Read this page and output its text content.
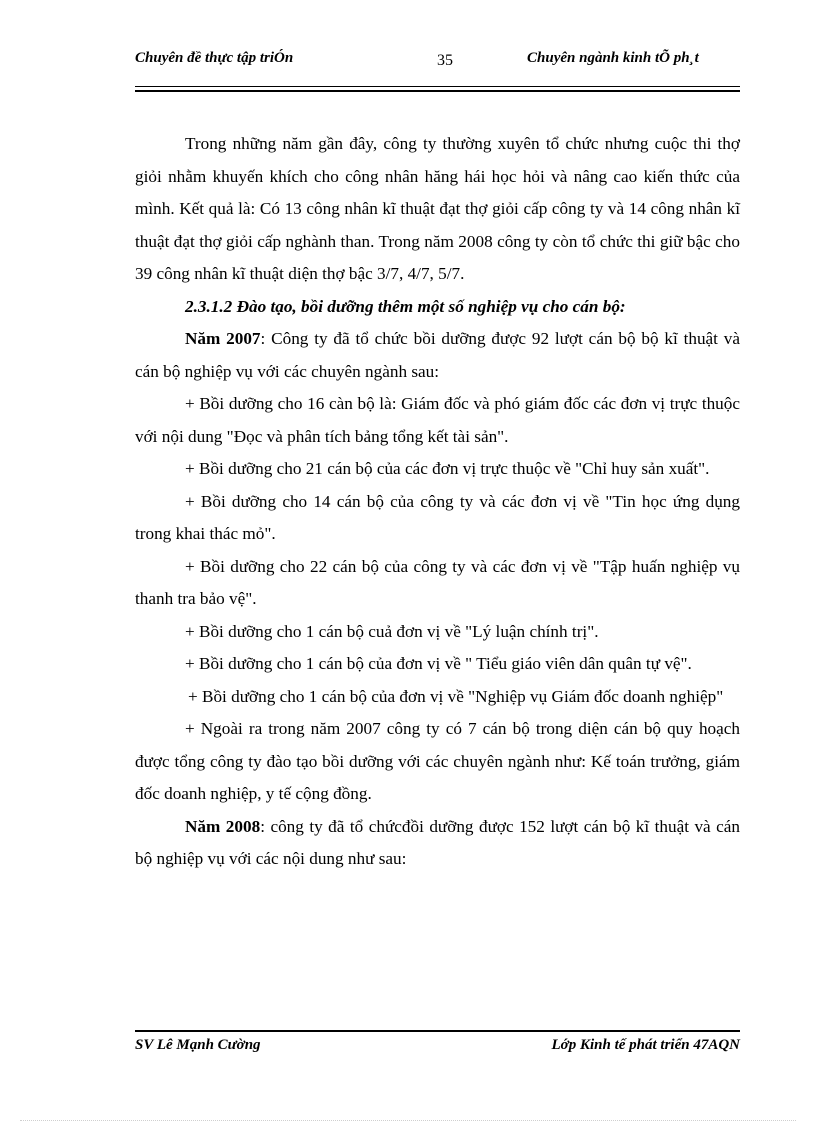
Chuyên đề thực tập triÓn	35	Chuyên ngành kinh tÕ ph¸t

Trong những năm gần đây, công ty thường xuyên tổ chức nhưng cuộc thi thợ giỏi nhằm khuyến khích cho công nhân hăng hái học hỏi và nâng cao kiến thức của mình. Kết quả là: Có 13 công nhân kĩ thuật đạt thợ giỏi cấp công ty và 14 công nhân kĩ thuật đạt thợ giỏi cấp nghành than. Trong năm 2008 công ty còn tổ chức thi giữ bậc cho 39 công nhân kĩ thuật diện thợ bậc 3/7, 4/7, 5/7.

2.3.1.2 Đào tạo, bồi dưỡng thêm một số nghiệp vụ cho cán bộ:

Năm 2007: Công ty đã tổ chức bồi dưỡng được 92 lượt cán bộ bộ kĩ thuật và cán bộ nghiệp vụ với các chuyên ngành sau:

+ Bồi dưỡng cho 16 càn bộ là: Giám đốc và phó giám đốc các đơn vị trực thuộc với nội dung "Đọc và phân tích bảng tổng kết tài sản".

+ Bồi dưỡng cho 21 cán bộ của các đơn vị trực thuộc về "Chỉ huy sản xuất".

+ Bồi dưỡng cho 14 cán bộ của công ty và các đơn vị về "Tin học ứng dụng trong khai thác mỏ".

+ Bồi dưỡng cho 22 cán bộ của công ty và các đơn vị về "Tập huấn nghiệp vụ thanh tra bảo vệ".

+ Bồi dưỡng cho 1 cán bộ cuả đơn vị về "Lý luận chính trị".

+ Bồi dưỡng cho 1 cán bộ của đơn vị về " Tiểu giáo viên dân quân tự vệ".

+ Bồi dưỡng cho 1 cán bộ của đơn vị về "Nghiệp vụ Giám đốc doanh nghiệp"

+ Ngoài ra trong năm 2007 công ty có 7 cán bộ trong diện cán bộ quy hoạch được tổng công ty đào tạo bồi dưỡng với các chuyên ngành như: Kế toán trưởng, giám đốc doanh nghiệp, y tế cộng đồng.

Năm 2008: công ty đã tổ chứcđồi dưỡng được 152 lượt cán bộ kĩ thuật và cán bộ nghiệp vụ với các nội dung như sau:

SV Lê Mạnh Cường	Lớp Kinh tế phát triển 47AQN
